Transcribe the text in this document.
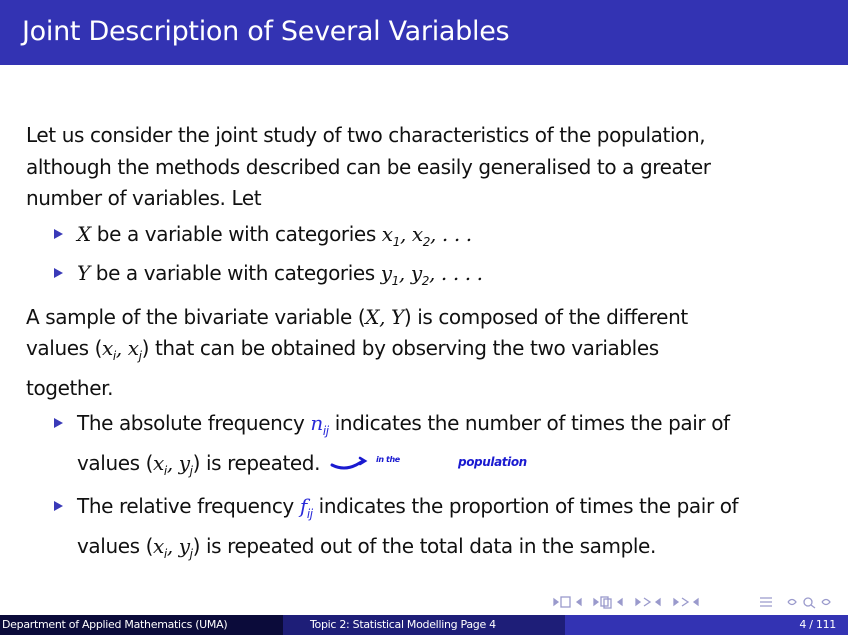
Joint Description of Several Variables

Let us consider the joint study of two characteristics of the population,

although the methods described can be easily generalised to a greater

number of variables. Let

X be a variable with categories $x_1$, $x_2$, . . .
Y be a variable with categories $y_1$, $y_2$, . . . .

A sample of the bivariate variable (X, Y) is composed of the different

values ($x_i$, $x_j$) that can be obtained by observing the two variables

together.

The absolute frequency $n_{ij}$ indicates the number of times the pair of
values ($x_i$, $y_j$) is repeated.	in the	population
The relative frequency $f_{ij}$ indicates the proportion of times the pair of
values ($x_i$, $y_j$) is repeated out of the total data in the sample.
Department of Applied Mathematics (UMA)	Topic 2: Statistical Modelling Page 4	4 / 111
